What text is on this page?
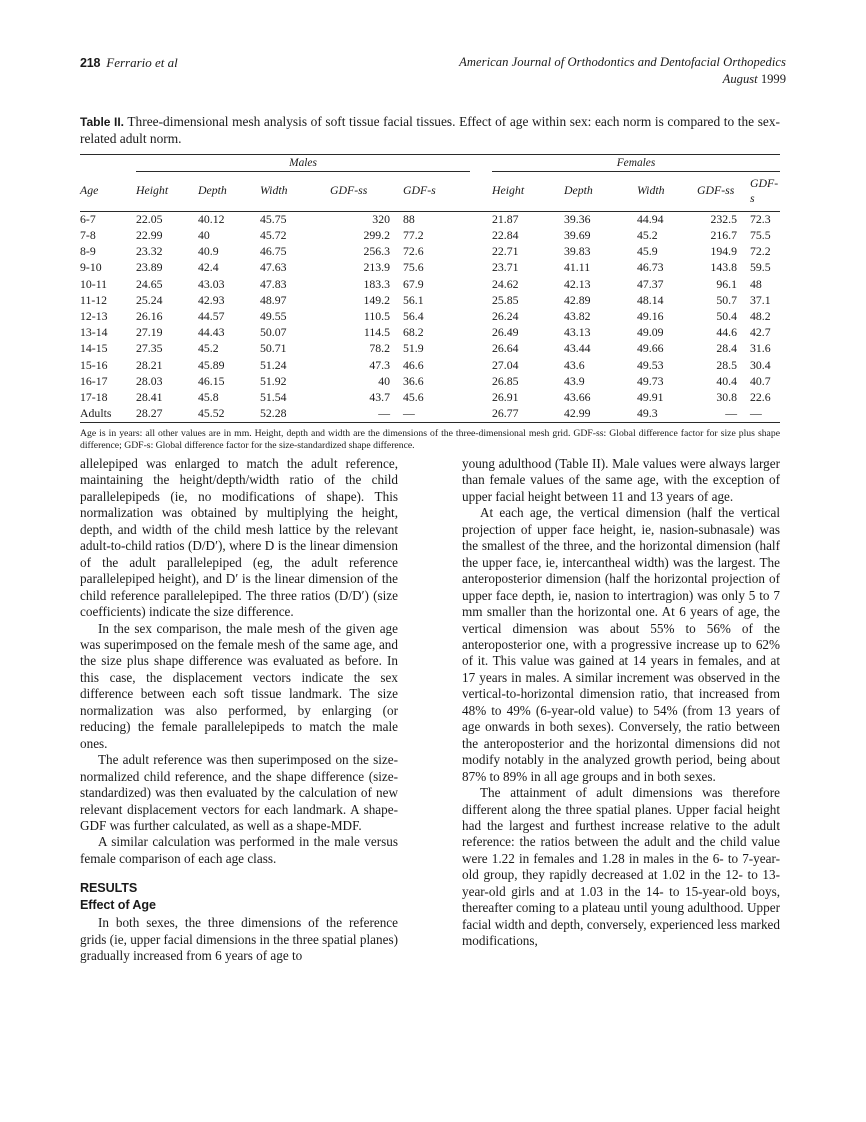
218 Ferrario et al	American Journal of Orthodontics and Dentofacial Orthopedics
August 1999

Table II. Three-dimensional mesh analysis of soft tissue facial tissues. Effect of age within sex: each norm is compared to the sex-related adult norm.

	Males						Females				
Age	Height	Depth	Width	GDF-ss	GDF-s		Height	Depth	Width	GDF-ss	GDF-s

6-7	22.05	40.12	45.75	320	88		21.87	39.36	44.94	232.5	72.3
7-8	22.99	40	45.72	299.2	77.2		22.84	39.69	45.2	216.7	75.5
8-9	23.32	40.9	46.75	256.3	72.6		22.71	39.83	45.9	194.9	72.2
9-10	23.89	42.4	47.63	213.9	75.6		23.71	41.11	46.73	143.8	59.5
10-11	24.65	43.03	47.83	183.3	67.9		24.62	42.13	47.37	96.1	48
11-12	25.24	42.93	48.97	149.2	56.1		25.85	42.89	48.14	50.7	37.1
12-13	26.16	44.57	49.55	110.5	56.4		26.24	43.82	49.16	50.4	48.2
13-14	27.19	44.43	50.07	114.5	68.2		26.49	43.13	49.09	44.6	42.7
14-15	27.35	45.2	50.71	78.2	51.9		26.64	43.44	49.66	28.4	31.6
15-16	28.21	45.89	51.24	47.3	46.6		27.04	43.6	49.53	28.5	30.4
16-17	28.03	46.15	51.92	40	36.6		26.85	43.9	49.73	40.4	40.7
17-18	28.41	45.8	51.54	43.7	45.6		26.91	43.66	49.91	30.8	22.6
Adults	28.27	45.52	52.28	—	—		26.77	42.99	49.3	—	—

Age is in years: all other values are in mm. Height, depth and width are the dimensions of the three-dimensional mesh grid. GDF-ss: Global difference factor for size plus shape difference; GDF-s: Global difference factor for the size-standardized shape difference.

allelepiped was enlarged to match the adult reference, maintaining the height/depth/width ratio of the child parallelepipeds (ie, no modifications of shape). This normalization was obtained by multiplying the height, depth, and width of the child mesh lattice by the relevant adult-to-child ratios (D/D′), where D is the linear dimension of the adult parallelepiped (eg, the adult reference parallelepiped height), and D′ is the linear dimension of the child reference parallelepiped. The three ratios (D/D′) (size coefficients) indicate the size difference.

In the sex comparison, the male mesh of the given age was superimposed on the female mesh of the same age, and the size plus shape difference was evaluated as before. In this case, the displacement vectors indicate the sex difference between each soft tissue landmark. The size normalization was also performed, by enlarging (or reducing) the female parallelepipeds to match the male ones.

The adult reference was then superimposed on the size-normalized child reference, and the shape difference (size-standardized) was then evaluated by the calculation of new relevant displacement vectors for each landmark. A shape-GDF was further calculated, as well as a shape-MDF.

A similar calculation was performed in the male versus female comparison of each age class.

RESULTS
Effect of Age

In both sexes, the three dimensions of the reference grids (ie, upper facial dimensions in the three spatial planes) gradually increased from 6 years of age to

young adulthood (Table II). Male values were always larger than female values of the same age, with the exception of upper facial height between 11 and 13 years of age.

At each age, the vertical dimension (half the vertical projection of upper face height, ie, nasion-subnasale) was the smallest of the three, and the horizontal dimension (half the upper face, ie, intercantheal width) was the largest. The anteroposterior dimension (half the horizontal projection of upper face depth, ie, nasion to intertragion) was only 5 to 7 mm smaller than the horizontal one. At 6 years of age, the vertical dimension was about 55% to 56% of the anteroposterior one, with a progressive increase up to 62% of it. This value was gained at 14 years in females, and at 17 years in males. A similar increment was observed in the vertical-to-horizontal dimension ratio, that increased from 48% to 49% (6-year-old value) to 54% (from 13 years of age onwards in both sexes). Conversely, the ratio between the anteroposterior and the horizontal dimensions did not modify notably in the analyzed growth period, being about 87% to 89% in all age groups and in both sexes.

The attainment of adult dimensions was therefore different along the three spatial planes. Upper facial height had the largest and furthest increase relative to the adult reference: the ratios between the adult and the child value were 1.22 in females and 1.28 in males in the 6- to 7-year-old group, they rapidly decreased at 1.02 in the 12- to 13-year-old girls and at 1.03 in the 14- to 15-year-old boys, thereafter coming to a plateau until young adulthood. Upper facial width and depth, conversely, experienced less marked modifications,
